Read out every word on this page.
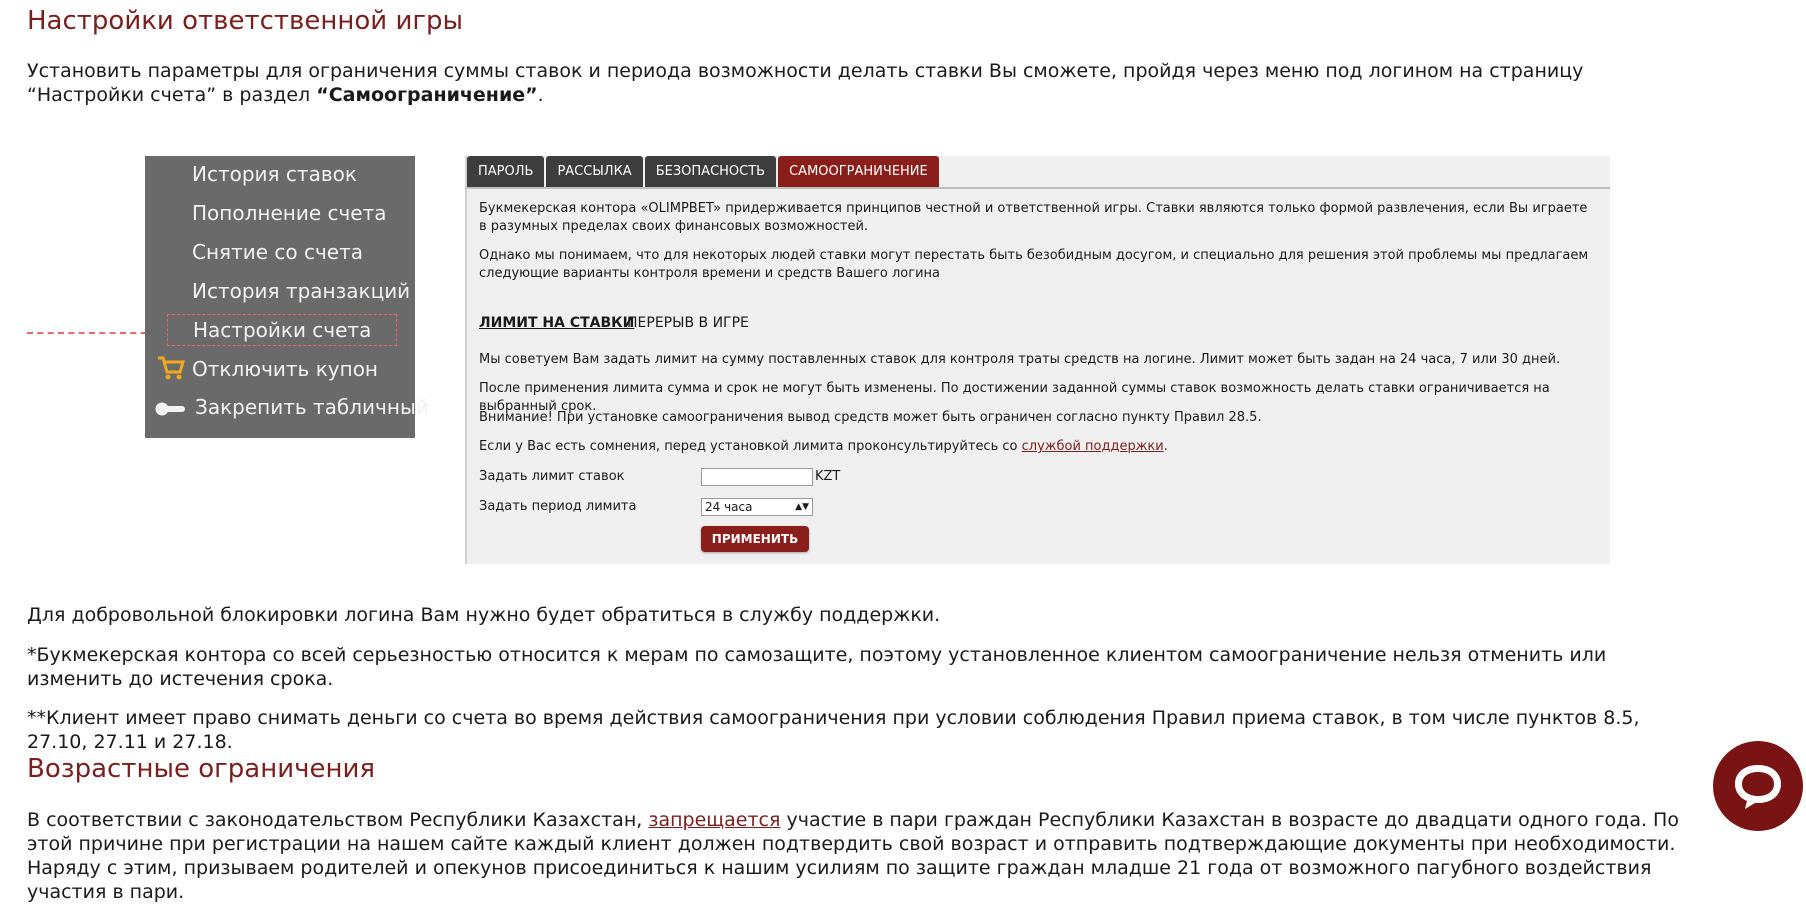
Настройки ответственной игры

Установить параметры для ограничения суммы ставок и периода возможности делать ставки Вы сможете, пройдя через меню под логином на страницу “Настройки счета” в раздел “Самоограничение”.

История ставок
Пополнение счета
Снятие со счета
История транзакций
Настройки счета
Отключить купон
Закрепить табличный
ПАРОЛЬ	РАССЫЛКА	БЕЗОПАСНОСТЬ	САМООГРАНИЧЕНИЕ
Букмекерская контора «OLIMPBET» придерживается принципов честной и ответственной игры. Ставки являются только формой развлечения, если Вы играете в разумных пределах своих финансовых возможностей.
Однако мы понимаем, что для некоторых людей ставки могут перестать быть безобидным досугом, и специально для решения этой проблемы мы предлагаем следующие варианты контроля времени и средств Вашего логина
ЛИМИТ НА СТАВКИ
ПЕРЕРЫВ В ИГРЕ
Мы советуем Вам задать лимит на сумму поставленных ставок для контроля траты средств на логине. Лимит может быть задан на 24 часа, 7 или 30 дней.
После применения лимита сумма и срок не могут быть изменены. По достижении заданной суммы ставок возможность делать ставки ограничивается на выбранный срок.
Внимание! При установке самоограничения вывод средств может быть ограничен согласно пункту Правил 28.5.
Если у Вас есть сомнения, перед установкой лимита проконсультируйтесь со службой поддержки.
Задать лимит ставок	KZT
Задать период лимита	24 часа	▲▼
ПРИМЕНИТЬ

Для добровольной блокировки логина Вам нужно будет обратиться в службу поддержки.

*Букмекерская контора со всей серьезностью относится к мерам по самозащите, поэтому установленное клиентом самоограничение нельзя отменить или изменить до истечения срока.

**Клиент имеет право снимать деньги со счета во время действия самоограничения при условии соблюдения Правил приема ставок, в том числе пунктов 8.5, 27.10, 27.11 и 27.18.

Возрастные ограничения

В соответствии с законодательством Республики Казахстан, запрещается участие в пари граждан Республики Казахстан в возрасте до двадцати одного года. По этой причине при регистрации на нашем сайте каждый клиент должен подтвердить свой возраст и отправить подтверждающие документы при необходимости. Наряду с этим, призываем родителей и опекунов присоединиться к нашим усилиям по защите граждан младше 21 года от возможного пагубного воздействия участия в пари.
